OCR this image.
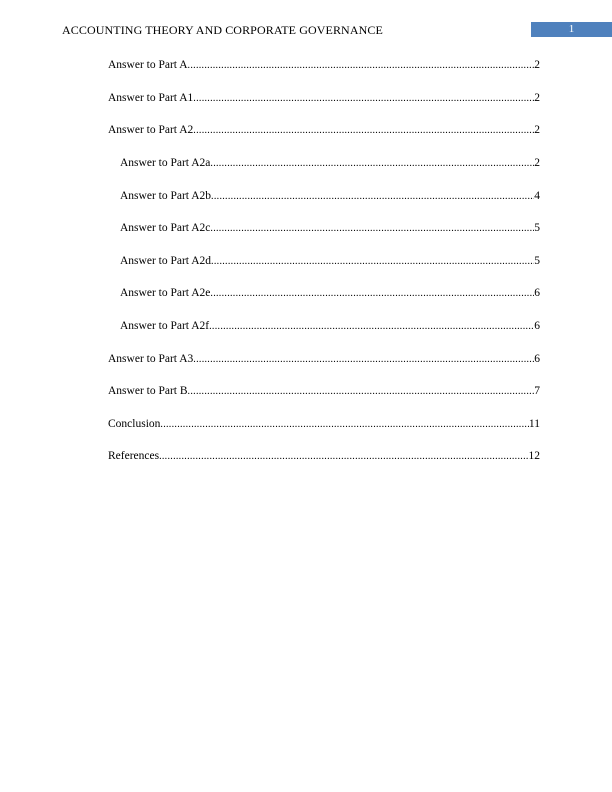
ACCOUNTING THEORY AND CORPORATE GOVERNANCE	1
Answer to Part A .....	2
Answer to Part A1 .....	2
Answer to Part A2 .....	2
Answer to Part A2a .....	2
Answer to Part A2b .....	4
Answer to Part A2c .....	5
Answer to Part A2d .....	5
Answer to Part A2e .....	6
Answer to Part A2f .....	6
Answer to Part A3 .....	6
Answer to Part B .....	7
Conclusion .....	11
References .....	12
